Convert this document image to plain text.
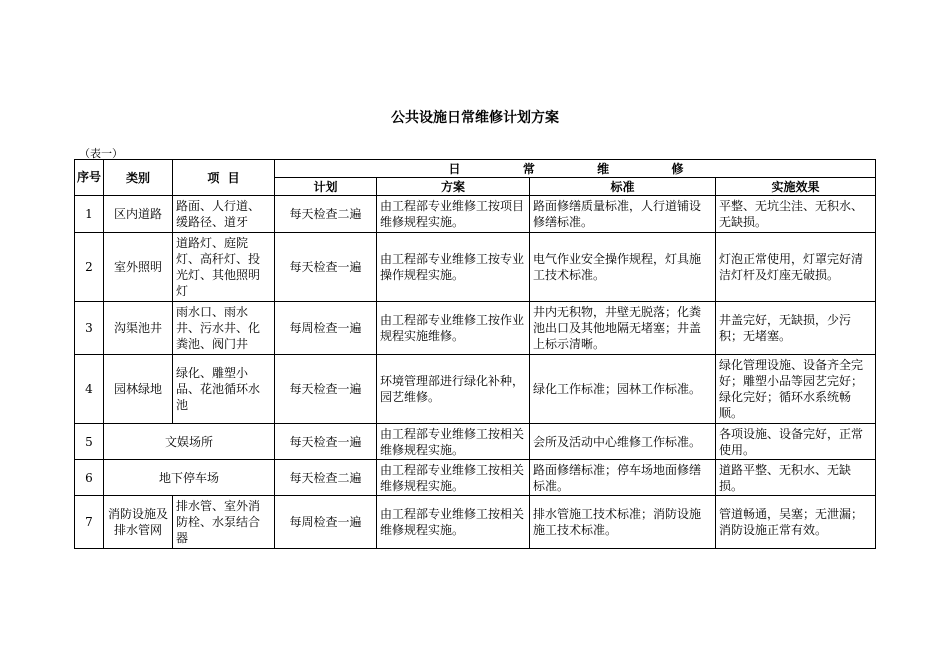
公共设施日常维修计划方案
（表一）
序号	类别	项  目	日  常  维  修			
			计划	方案	标准	实施效果
1	区内道路	路面、人行道、缓路径、道牙	每天检查二遍	由工程部专业维修工按项目维修规程实施。	路面修缮质量标准，人行道铺设修缮标准。	平整、无坑尘洼、无积水、无缺损。
2	室外照明	道路灯、庭院灯、高秆灯、投光灯、其他照明灯	每天检查一遍	由工程部专业维修工按专业操作规程实施。	电气作业安全操作规程，灯具施工技术标准。	灯泡正常使用，灯罩完好清洁灯杆及灯座无破损。
3	沟渠池井	雨水口、雨水井、污水井、化粪池、阀门井	每周检查一遍	由工程部专业维修工按作业规程实施维修。	井内无积物，井壁无脱落；化粪池出口及其他地隔无堵塞；井盖上标示清晰。	井盖完好，无缺损，少污积；无堵塞。
4	园林绿地	绿化、雕塑小品、花池循环水池	每天检查一遍	环境管理部进行绿化补种，园艺维修。	绿化工作标准；园林工作标准。	绿化管理设施、设备齐全完好；雕塑小品等园艺完好；绿化完好；循环水系统畅顺。
5	文娱场所		每天检查一遍	由工程部专业维修工按相关维修规程实施。	会所及活动中心维修工作标准。	各项设施、设备完好，正常使用。
6	地下停车场		每天检查二遍	由工程部专业维修工按相关维修规程实施。	路面修缮标准；停车场地面修缮标准。	道路平整、无积水、无缺损。
7	消防设施及排水管网	排水管、室外消防栓、水泵结合器	每周检查一遍	由工程部专业维修工按相关维修规程实施。	排水管施工技术标准；消防设施施工技术标准。	管道畅通，吴塞；无泄漏；消防设施正常有效。
